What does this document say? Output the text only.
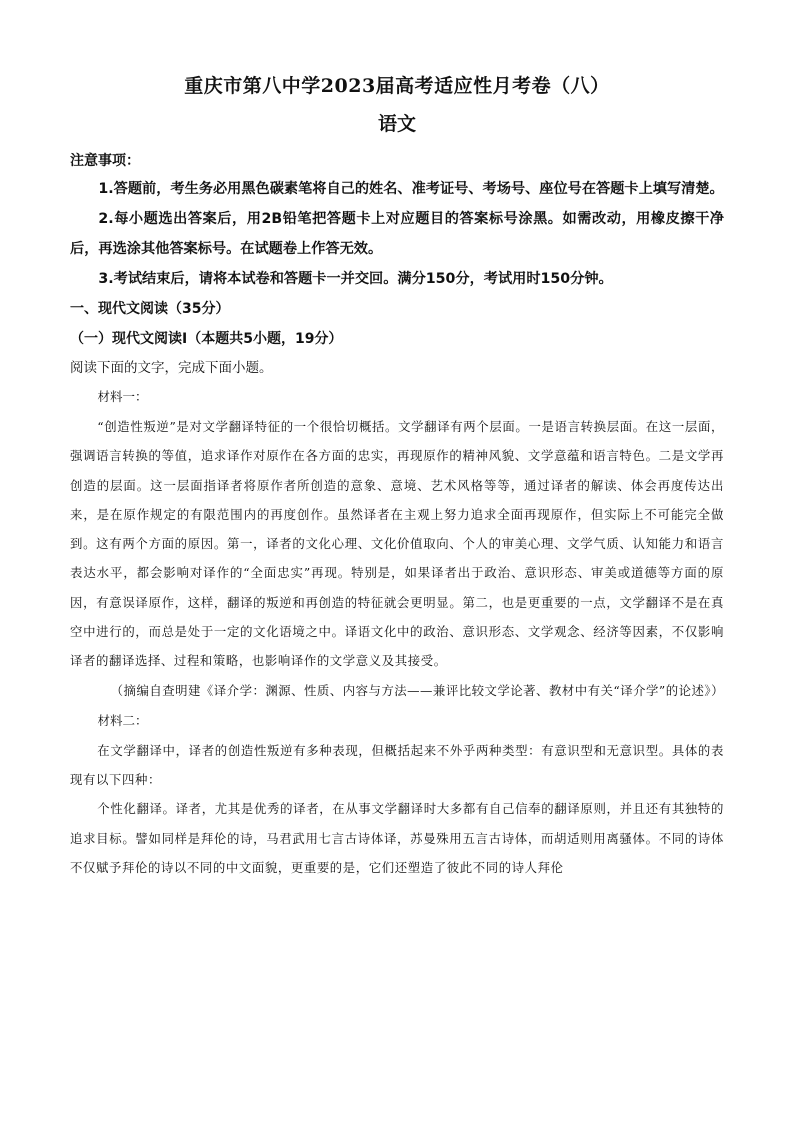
重庆市第八中学2023届高考适应性月考卷（八）
语文

注意事项：

1.答题前，考生务必用黑色碳素笔将自己的姓名、准考证号、考场号、座位号在答题卡上填写清楚。

2.每小题选出答案后，用2B铅笔把答题卡上对应题目的答案标号涂黑。如需改动，用橡皮擦干净后，再选涂其他答案标号。在试题卷上作答无效。

3.考试结束后，请将本试卷和答题卡一并交回。满分150分，考试用时150分钟。

一、现代文阅读（35分）

（一）现代文阅读Ⅰ（本题共5小题，19分）

阅读下面的文字，完成下面小题。

材料一：

“创造性叛逆”是对文学翻译特征的一个很恰切概括。文学翻译有两个层面。一是语言转换层面。在这一层面，强调语言转换的等值，追求译作对原作在各方面的忠实，再现原作的精神风貌、文学意蕴和语言特色。二是文学再创造的层面。这一层面指译者将原作者所创造的意象、意境、艺术风格等等，通过译者的解读、体会再度传达出来，是在原作规定的有限范围内的再度创作。虽然译者在主观上努力追求全面再现原作，但实际上不可能完全做到。这有两个方面的原因。第一，译者的文化心理、文化价值取向、个人的审美心理、文学气质、认知能力和语言表达水平，都会影响对译作的“全面忠实”再现。特别是，如果译者出于政治、意识形态、审美或道德等方面的原因，有意误译原作，这样，翻译的叛逆和再创造的特征就会更明显。第二，也是更重要的一点，文学翻译不是在真空中进行的，而总是处于一定的文化语境之中。译语文化中的政治、意识形态、文学观念、经济等因素，不仅影响译者的翻译选择、过程和策略，也影响译作的文学意义及其接受。

（摘编自查明建《译介学：渊源、性质、内容与方法——兼评比较文学论著、教材中有关“译介学”的论述》）

材料二：

在文学翻译中，译者的创造性叛逆有多种表现，但概括起来不外乎两种类型：有意识型和无意识型。具体的表现有以下四种：

个性化翻译。译者，尤其是优秀的译者，在从事文学翻译时大多都有自己信奉的翻译原则，并且还有其独特的追求目标。譬如同样是拜伦的诗，马君武用七言古诗体译，苏曼殊用五言古诗体，而胡适则用离骚体。不同的诗体不仅赋予拜伦的诗以不同的中文面貌，更重要的是，它们还塑造了彼此不同的诗人拜伦
